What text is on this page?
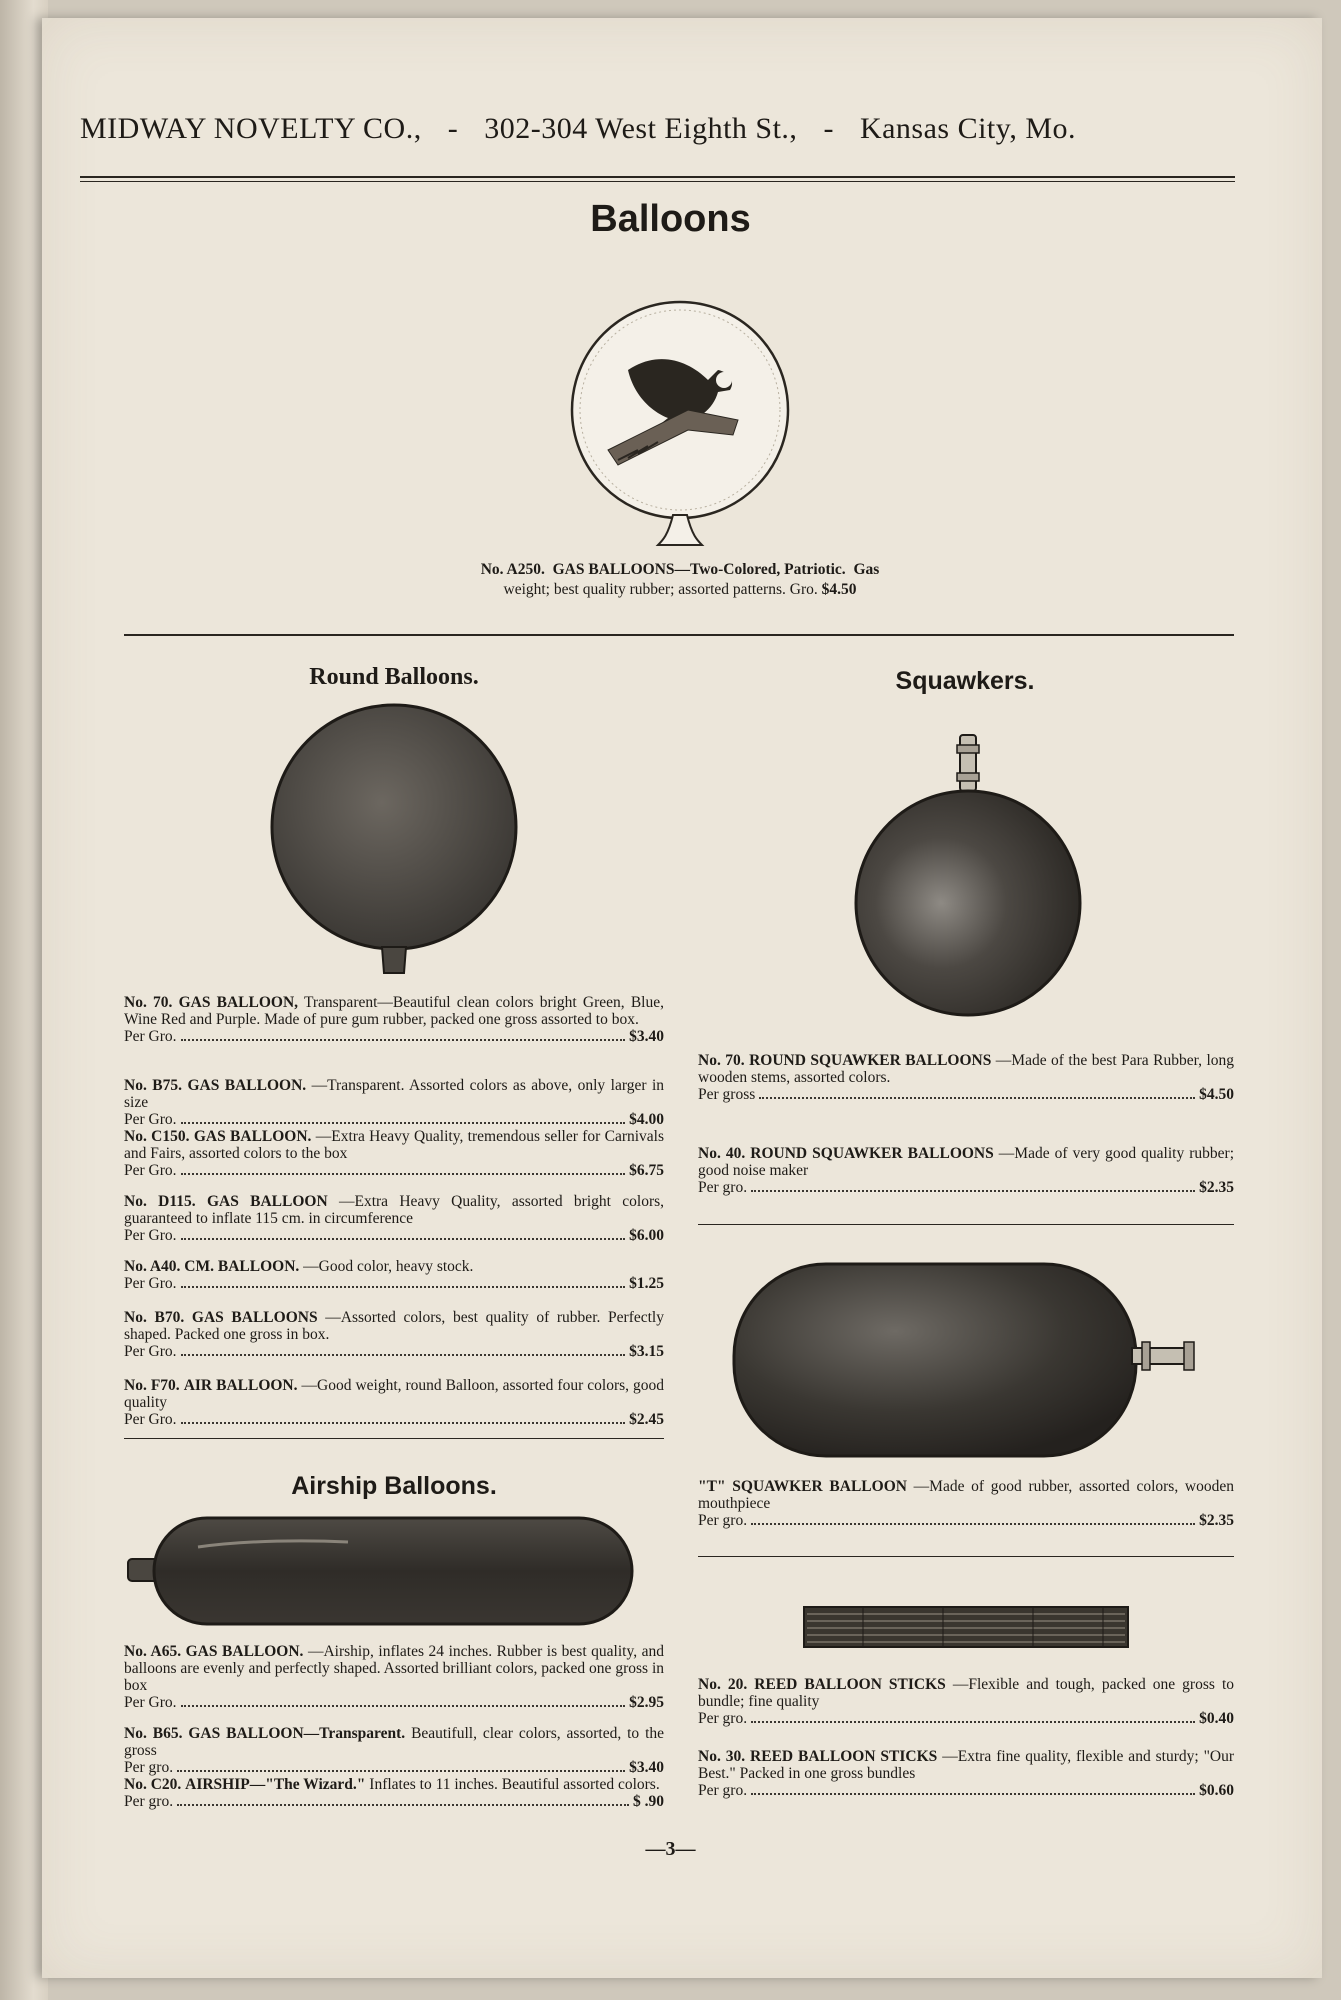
MIDWAY NOVELTY CO., - 302-304 West Eighth St., - Kansas City, Mo.
Balloons
No. A250. GAS BALLOONS—Two-Colored, Patriotic. Gas
weight; best quality rubber; assorted patterns. Gro. $4.50
Round Balloons.
No. 70. GAS BALLOON, Transparent—Beautiful clean colors bright Green, Blue, Wine Red and Purple. Made of pure gum rubber, packed one gross assorted to box.
Per Gro.	$3.40
No. B75. GAS BALLOON. —Transparent. Assorted colors as above, only larger in size
Per Gro.	$4.00
No. C150. GAS BALLOON. —Extra Heavy Quality, tremendous seller for Carnivals and Fairs, assorted colors to the box
Per Gro.	$6.75
No. D115. GAS BALLOON —Extra Heavy Quality, assorted bright colors, guaranteed to inflate 115 cm. in circumference
Per Gro.	$6.00
No. A40. CM. BALLOON. —Good color, heavy stock.
Per Gro.	$1.25
No. B70. GAS BALLOONS —Assorted colors, best quality of rubber. Perfectly shaped. Packed one gross in box.
Per Gro.	$3.15
No. F70. AIR BALLOON. —Good weight, round Balloon, assorted four colors, good quality
Per Gro.	$2.45
Airship Balloons.
No. A65. GAS BALLOON. —Airship, inflates 24 inches. Rubber is best quality, and balloons are evenly and perfectly shaped. Assorted brilliant colors, packed one gross in box
Per Gro.	$2.95
No. B65. GAS BALLOON—Transparent. Beautifull, clear colors, assorted, to the gross
Per gro.	$3.40
No. C20. AIRSHIP—"The Wizard." Inflates to 11 inches. Beautiful assorted colors.
Per gro.	$ .90
Squawkers.
No. 70. ROUND SQUAWKER BALLOONS —Made of the best Para Rubber, long wooden stems, assorted colors.
Per gross	$4.50
No. 40. ROUND SQUAWKER BALLOONS —Made of very good quality rubber; good noise maker
Per gro.	$2.35
"T" SQUAWKER BALLOON —Made of good rubber, assorted colors, wooden mouthpiece
Per gro.	$2.35
No. 20. REED BALLOON STICKS —Flexible and tough, packed one gross to bundle; fine quality
Per gro.	$0.40
No. 30. REED BALLOON STICKS —Extra fine quality, flexible and sturdy; "Our Best." Packed in one gross bundles
Per gro.	$0.60
—3—
